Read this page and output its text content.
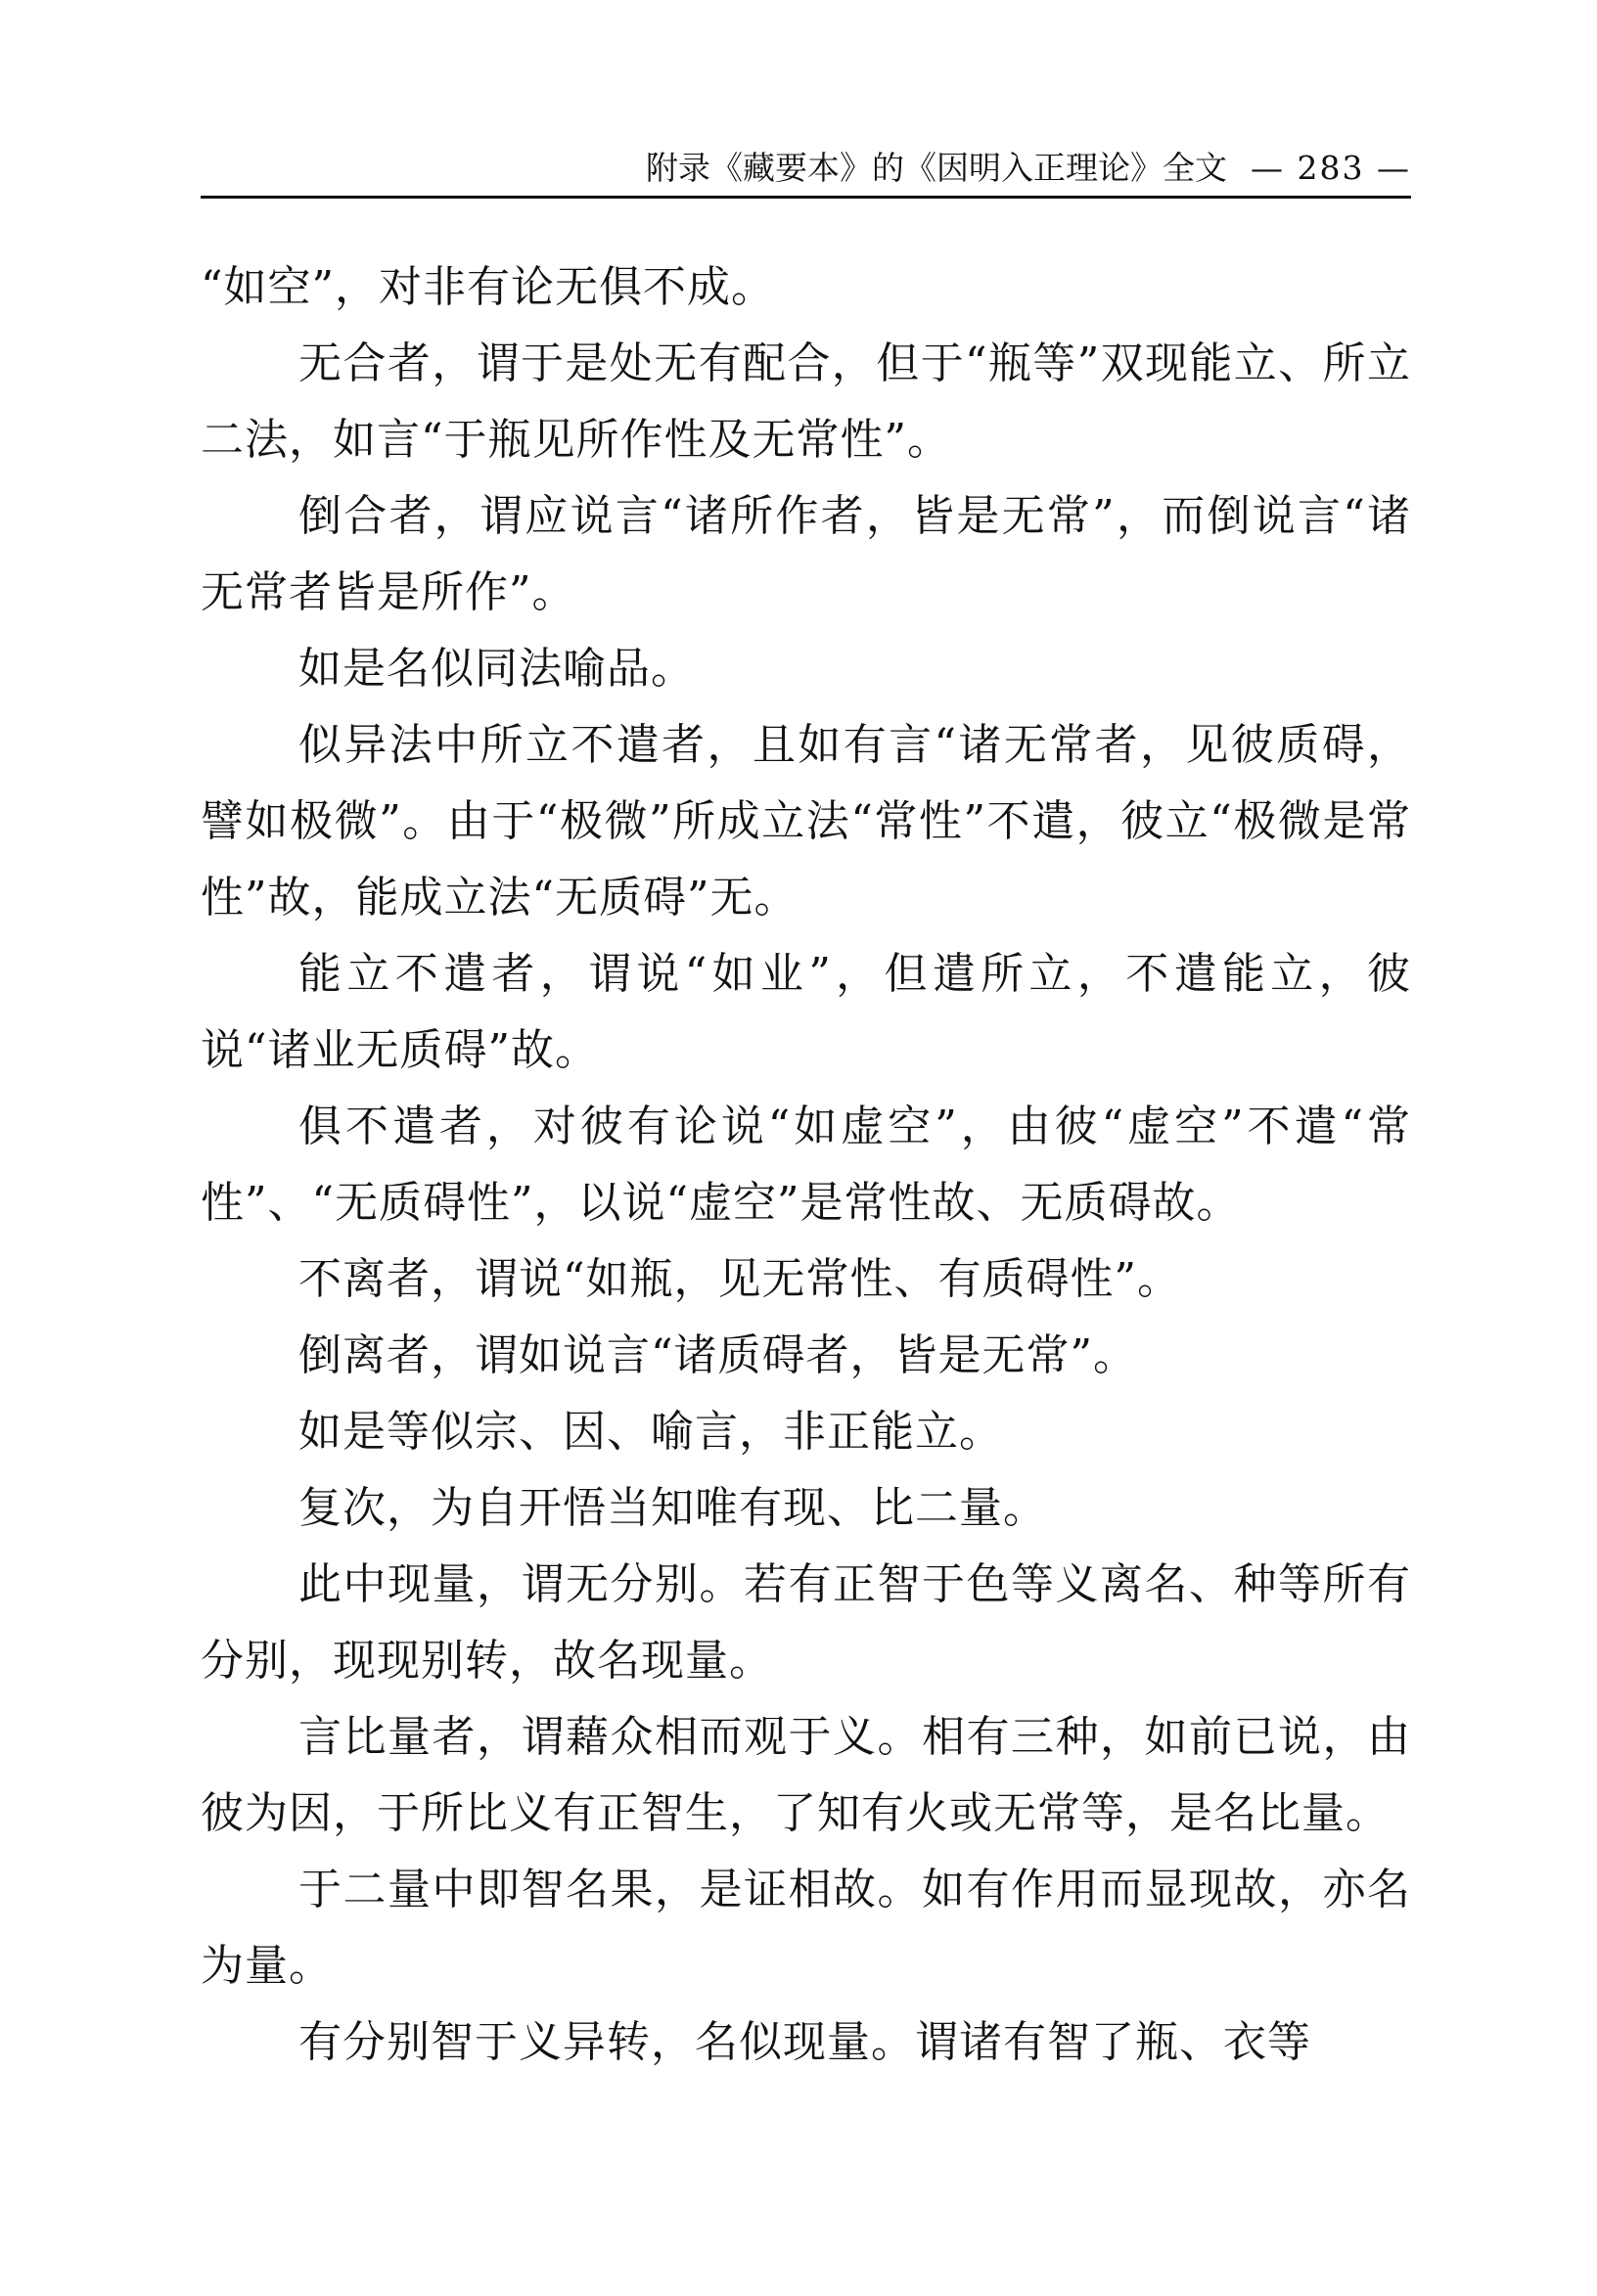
附录《藏要本》的《因明入正理论》全文 — 283 —

“如空”，对非有论无俱不成。

无合者，谓于是处无有配合，但于“瓶等”双现能立、所立二法，如言“于瓶见所作性及无常性”。

倒合者，谓应说言“诸所作者，皆是无常”，而倒说言“诸无常者皆是所作”。

如是名似同法喻品。

似异法中所立不遣者，且如有言“诸无常者，见彼质碍，譬如极微”。由于“极微”所成立法“常性”不遣，彼立“极微是常性”故，能成立法“无质碍”无。

能立不遣者，谓说“如业”，但遣所立，不遣能立，彼说“诸业无质碍”故。

俱不遣者，对彼有论说“如虚空”，由彼“虚空”不遣“常性”、“无质碍性”，以说“虚空”是常性故、无质碍故。

不离者，谓说“如瓶，见无常性、有质碍性”。

倒离者，谓如说言“诸质碍者，皆是无常”。

如是等似宗、因、喻言，非正能立。

复次，为自开悟当知唯有现、比二量。

此中现量，谓无分别。若有正智于色等义离名、种等所有分别，现现别转，故名现量。

言比量者，谓藉众相而观于义。相有三种，如前已说，由彼为因，于所比义有正智生，了知有火或无常等，是名比量。

于二量中即智名果，是证相故。如有作用而显现故，亦名为量。

有分别智于义异转，名似现量。谓诸有智了瓶、衣等
